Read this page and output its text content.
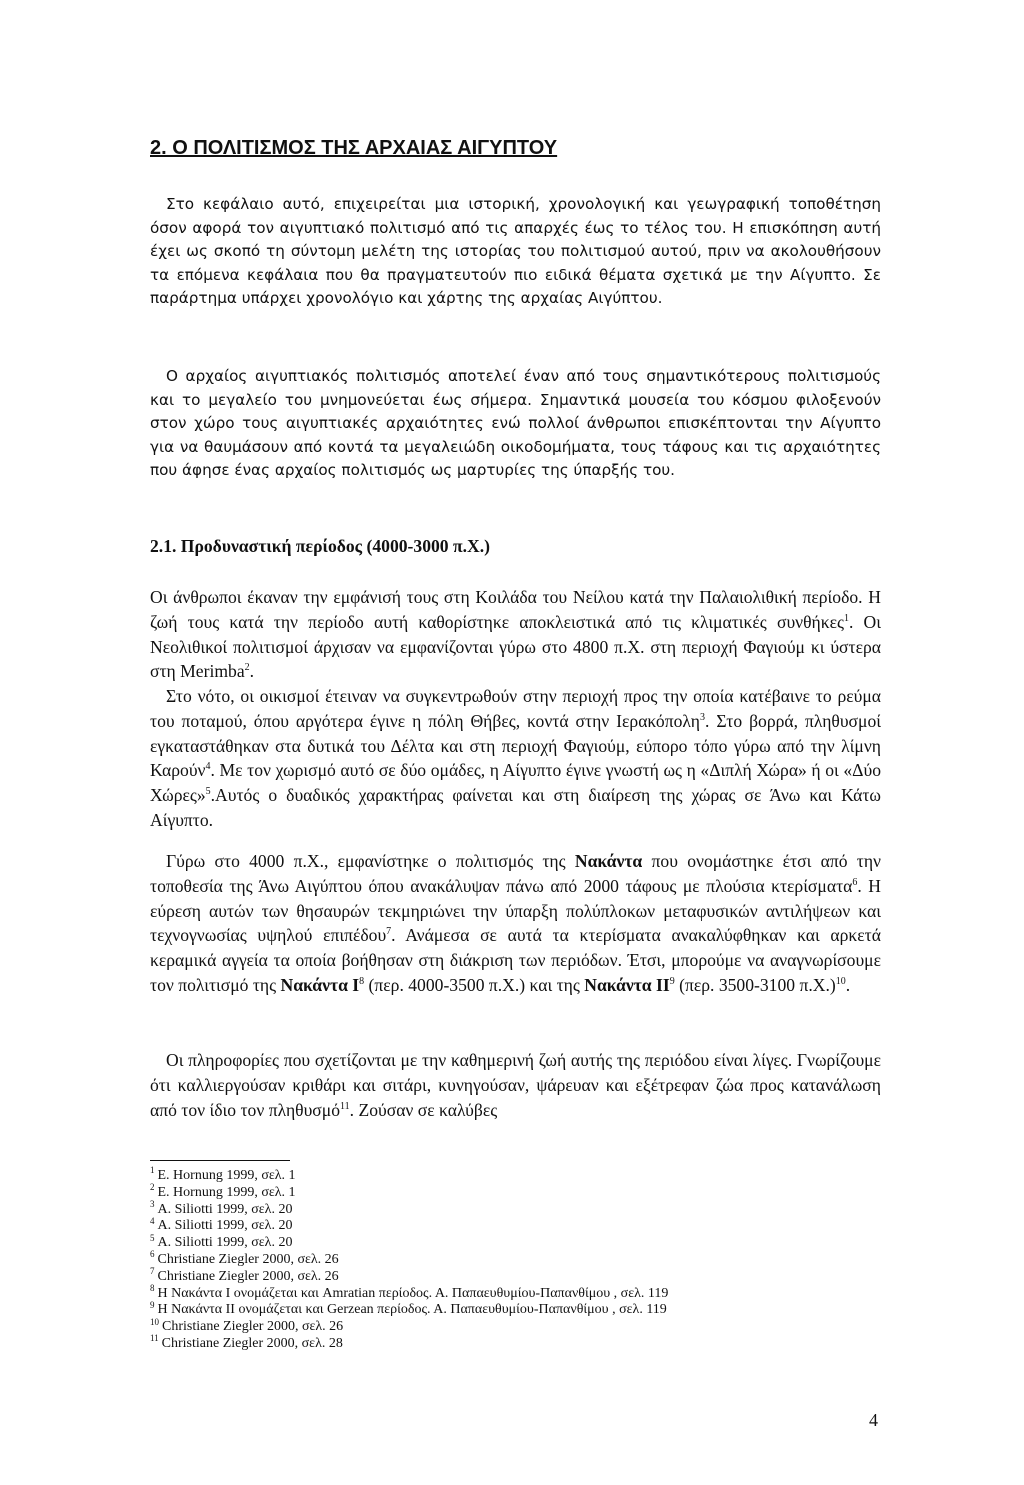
2. Ο ΠΟΛΙΤΙΣΜΟΣ ΤΗΣ ΑΡΧΑΙΑΣ ΑΙΓΥΠΤΟΥ

Στο κεφάλαιο αυτό, επιχειρείται μια ιστορική, χρονολογική και γεωγραφική τοποθέτηση όσον αφορά τον αιγυπτιακό πολιτισμό από τις απαρχές έως το τέλος του. Η επισκόπηση αυτή έχει ως σκοπό τη σύντομη μελέτη της ιστορίας του πολιτισμού αυτού, πριν να ακολουθήσουν τα επόμενα κεφάλαια που θα πραγματευτούν πιο ειδικά θέματα σχετικά με την Αίγυπτο. Σε παράρτημα υπάρχει χρονολόγιο και χάρτης της αρχαίας Αιγύπτου.

Ο αρχαίος αιγυπτιακός πολιτισμός αποτελεί έναν από τους σημαντικότερους πολιτισμούς και το μεγαλείο του μνημονεύεται έως σήμερα. Σημαντικά μουσεία του κόσμου φιλοξενούν στον χώρο τους αιγυπτιακές αρχαιότητες ενώ πολλοί άνθρωποι επισκέπτονται την Αίγυπτο για να θαυμάσουν από κοντά τα μεγαλειώδη οικοδομήματα, τους τάφους και τις αρχαιότητες που άφησε ένας αρχαίος πολιτισμός ως μαρτυρίες της ύπαρξής του.

2.1. Προδυναστική περίοδος (4000-3000 π.Χ.)

Οι άνθρωποι έκαναν την εμφάνισή τους στη Κοιλάδα του Νείλου κατά την Παλαιολιθική περίοδο. Η ζωή τους κατά την περίοδο αυτή καθορίστηκε αποκλειστικά από τις κλιματικές συνθήκες$^1$. Οι Νεολιθικοί πολιτισμοί άρχισαν να εμφανίζονται γύρω στο 4800 π.Χ. στη περιοχή Φαγιούμ κι ύστερα στη Merimba$^2$.

Στο νότο, οι οικισμοί έτειναν να συγκεντρωθούν στην περιοχή προς την οποία κατέβαινε το ρεύμα του ποταμού, όπου αργότερα έγινε η πόλη Θήβες, κοντά στην Ιερακόπολη$^3$. Στο βορρά, πληθυσμοί εγκαταστάθηκαν στα δυτικά του Δέλτα και στη περιοχή Φαγιούμ, εύπορο τόπο γύρω από την λίμνη Καρούν$^4$. Με τον χωρισμό αυτό σε δύο ομάδες, η Αίγυπτο έγινε γνωστή ως η «Διπλή Χώρα» ή οι «Δύο Χώρες»$^5$.Αυτός ο δυαδικός χαρακτήρας φαίνεται και στη διαίρεση της χώρας σε Άνω και Κάτω Αίγυπτο.

Γύρω στο 4000 π.Χ., εμφανίστηκε ο πολιτισμός της Νακάντα που ονομάστηκε έτσι από την τοποθεσία της Άνω Αιγύπτου όπου ανακάλυψαν πάνω από 2000 τάφους με πλούσια κτερίσματα$^6$. Η εύρεση αυτών των θησαυρών τεκμηριώνει την ύπαρξη πολύπλοκων μεταφυσικών αντιλήψεων και τεχνογνωσίας υψηλού επιπέδου$^7$. Ανάμεσα σε αυτά τα κτερίσματα ανακαλύφθηκαν και αρκετά κεραμικά αγγεία τα οποία βοήθησαν στη διάκριση των περιόδων. Έτσι, μπορούμε να αναγνωρίσουμε τον πολιτισμό της Νακάντα $I^8$ (περ. 4000-3500 π.Χ.) και της Νακάντα $II^9$ (περ. 3500-3100 π.Χ.)$^{10}$.

Οι πληροφορίες που σχετίζονται με την καθημερινή ζωή αυτής της περιόδου είναι λίγες. Γνωρίζουμε ότι καλλιεργούσαν κριθάρι και σιτάρι, κυνηγούσαν, ψάρευαν και εξέτρεφαν ζώα προς κατανάλωση από τον ίδιο τον πληθυσμό$^{11}$. Ζούσαν σε καλύβες

$^1$ E. Hornung 1999, σελ. 1
$^2$ E. Hornung 1999, σελ. 1
$^3$ A. Siliotti 1999, σελ. 20
$^4$ A. Siliotti 1999, σελ. 20
$^5$ A. Siliotti 1999, σελ. 20
$^6$ Christiane Ziegler 2000, σελ. 26
$^7$ Christiane Ziegler 2000, σελ. 26
$^8$ Η Νακάντα Ι ονομάζεται και Amratian περίοδος. Α. Παπαευθυμίου-Παπανθίμου , σελ. 119
$^9$ Η Νακάντα ΙΙ ονομάζεται και Gerzean περίοδος. Α. Παπαευθυμίου-Παπανθίμου , σελ. 119
$^{10}$ Christiane Ziegler 2000, σελ. 26
$^{11}$ Christiane Ziegler 2000, σελ. 28
4
